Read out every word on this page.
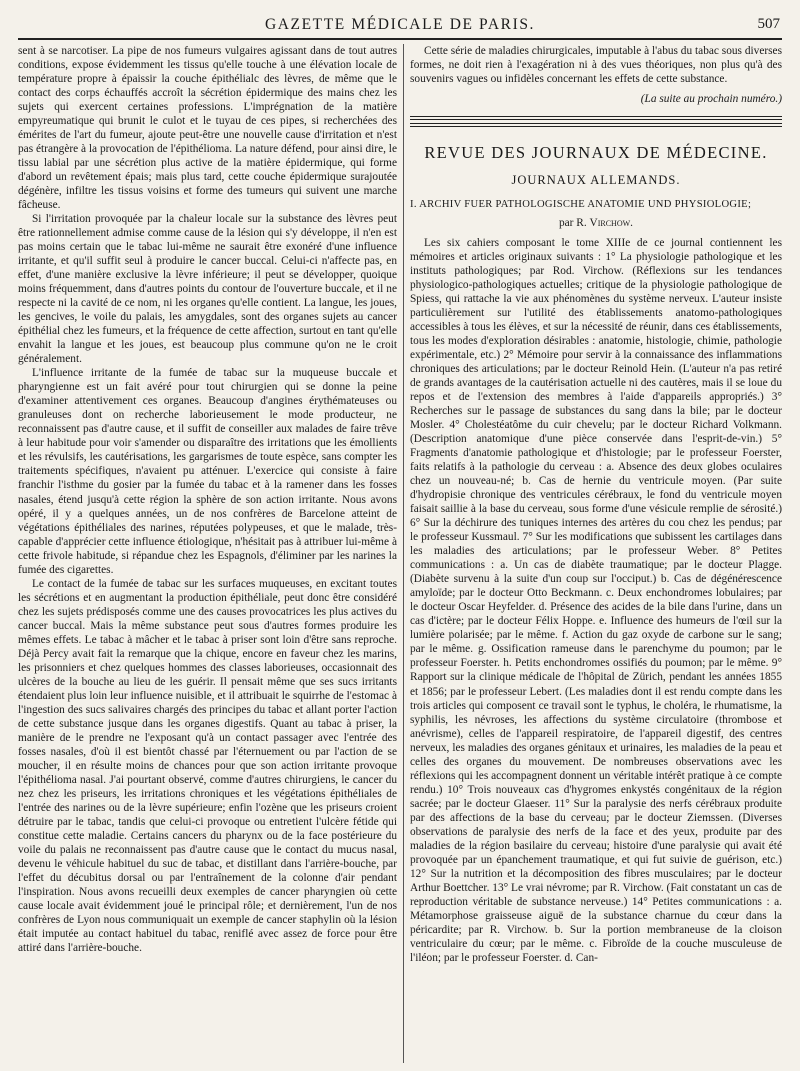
GAZETTE MÉDICALE DE PARIS.	507

sent à se narcotiser. La pipe de nos fumeurs vulgaires agissant dans de tout autres conditions, expose évidemment les tissus qu'elle touche à une élévation locale de température propre à épaissir la couche épithélialc des lèvres, de même que le contact des corps échauffés accroît la sécrétion épidermique des mains chez les sujets qui exercent certaines professions. L'imprégnation de la matière empyreumatique qui brunit le culot et le tuyau de ces pipes, si recherchées des émérites de l'art du fumeur, ajoute peut-être une nouvelle cause d'irritation et n'est pas étrangère à la provocation de l'épithélioma. La nature défend, pour ainsi dire, le tissu labial par une sécrétion plus active de la matière épidermique, qui forme d'abord un revêtement épais; mais plus tard, cette couche épidermique surajoutée dégénère, infiltre les tissus voisins et forme des tumeurs qui suivent une marche fâcheuse.

Si l'irritation provoquée par la chaleur locale sur la substance des lèvres peut être rationnellement admise comme cause de la lésion qui s'y développe, il n'en est pas moins certain que le tabac lui-même ne saurait être exonéré d'une influence irritante, et qu'il suffit seul à produire le cancer buccal. Celui-ci n'affecte pas, en effet, d'une manière exclusive la lèvre inférieure; il peut se développer, quoique moins fréquemment, dans d'autres points du contour de l'ouverture buccale, et il ne respecte ni la cavité de ce nom, ni les organes qu'elle contient. La langue, les joues, les gencives, le voile du palais, les amygdales, sont des organes sujets au cancer épithélial chez les fumeurs, et la fréquence de cette affection, surtout en tant qu'elle envahit la langue et les joues, est beaucoup plus commune qu'on ne le croit généralement.

L'influence irritante de la fumée de tabac sur la muqueuse buccale et pharyngienne est un fait avéré pour tout chirurgien qui se donne la peine d'examiner attentivement ces organes. Beaucoup d'angines érythémateuses ou granuleuses dont on recherche laborieusement le mode producteur, ne reconnaissent pas d'autre cause, et il suffit de conseiller aux malades de faire trêve à leur habitude pour voir s'amender ou disparaître des irritations que les émollients et les révulsifs, les cautérisations, les gargarismes de toute espèce, sans compter les traitements spécifiques, n'avaient pu atténuer. L'exercice qui consiste à faire franchir l'isthme du gosier par la fumée du tabac et à la ramener dans les fosses nasales, étend jusqu'à cette région la sphère de son action irritante. Nous avons opéré, il y a quelques années, un de nos confrères de Barcelone atteint de végétations épithéliales des narines, réputées polypeuses, et que le malade, très-capable d'apprécier cette influence étiologique, n'hésitait pas à attribuer lui-même à cette frivole habitude, si répandue chez les Espagnols, d'éliminer par les narines la fumée des cigarettes.

Le contact de la fumée de tabac sur les surfaces muqueuses, en excitant toutes les sécrétions et en augmentant la production épithéliale, peut donc être considéré chez les sujets prédisposés comme une des causes provocatrices les plus actives du cancer buccal. Mais la même substance peut sous d'autres formes produire les mêmes effets. Le tabac à mâcher et le tabac à priser sont loin d'être sans reproche. Déjà Percy avait fait la remarque que la chique, encore en faveur chez les marins, les prisonniers et chez quelques hommes des classes laborieuses, occasionnait des ulcères de la bouche au lieu de les guérir. Il pensait même que ses sucs irritants étendaient plus loin leur influence nuisible, et il attribuait le squirrhe de l'estomac à l'ingestion des sucs salivaires chargés des principes du tabac et allant porter l'action de cette substance jusque dans les organes digestifs. Quant au tabac à priser, la manière de le prendre ne l'exposant qu'à un contact passager avec l'entrée des fosses nasales, d'où il est bientôt chassé par l'éternuement ou par l'action de se moucher, il en résulte moins de chances pour que son action irritante provoque l'épithélioma nasal. J'ai pourtant observé, comme d'autres chirurgiens, le cancer du nez chez les priseurs, les irritations chroniques et les végétations épithéliales de l'entrée des narines ou de la lèvre supérieure; enfin l'ozène que les priseurs croient détruire par le tabac, tandis que celui-ci provoque ou entretient l'ulcère fétide qui constitue cette maladie. Certains cancers du pharynx ou de la face postérieure du voile du palais ne reconnaissent pas d'autre cause que le contact du mucus nasal, devenu le véhicule habituel du suc de tabac, et distillant dans l'arrière-bouche, par l'effet du décubitus dorsal ou par l'entraînement de la colonne d'air pendant l'inspiration. Nous avons recueilli deux exemples de cancer pharyngien où cette cause locale avait évidemment joué le principal rôle; et dernièrement, l'un de nos confrères de Lyon nous communiquait un exemple de cancer staphylin où la lésion était imputée au contact habituel du tabac, reniflé avec assez de force pour être attiré dans l'arrière-bouche.

Cette série de maladies chirurgicales, imputable à l'abus du tabac sous diverses formes, ne doit rien à l'exagération ni à des vues théoriques, non plus qu'à des souvenirs vagues ou infidèles concernant les effets de cette substance.

(La suite au prochain numéro.)
REVUE DES JOURNAUX DE MÉDECINE.
JOURNAUX ALLEMANDS.
I. ARCHIV FUER PATHOLOGISCHE ANATOMIE UND PHYSIOLOGIE;
par R. Virchow.

Les six cahiers composant le tome XIIIe de ce journal contiennent les mémoires et articles originaux suivants : 1° La physiologie pathologique et les instituts pathologiques; par Rod. Virchow. (Réflexions sur les tendances physiologico-pathologiques actuelles; critique de la physiologie pathologique de Spiess, qui rattache la vie aux phénomènes du système nerveux. L'auteur insiste particulièrement sur l'utilité des établissements anatomo-pathologiques accessibles à tous les élèves, et sur la nécessité de réunir, dans ces établissements, tous les modes d'exploration désirables : anatomie, histologie, chimie, pathologie expérimentale, etc.) 2° Mémoire pour servir à la connaissance des inflammations chroniques des articulations; par le docteur Reinold Hein. (L'auteur n'a pas retiré de grands avantages de la cautérisation actuelle ni des cautères, mais il se loue du repos et de l'extension des membres à l'aide d'appareils appropriés.) 3° Recherches sur le passage de substances du sang dans la bile; par le docteur Mosler. 4° Cholestéatôme du cuir chevelu; par le docteur Richard Volkmann. (Description anatomique d'une pièce conservée dans l'esprit-de-vin.) 5° Fragments d'anatomie pathologique et d'histologie; par le professeur Foerster, faits relatifs à la pathologie du cerveau : a. Absence des deux globes oculaires chez un nouveau-né; b. Cas de hernie du ventricule moyen. (Par suite d'hydropisie chronique des ventricules cérébraux, le fond du ventricule moyen faisait saillie à la base du cerveau, sous forme d'une vésicule remplie de sérosité.) 6° Sur la déchirure des tuniques internes des artères du cou chez les pendus; par le professeur Kussmaul. 7° Sur les modifications que subissent les cartilages dans les maladies des articulations; par le professeur Weber. 8° Petites communications : a. Un cas de diabète traumatique; par le docteur Plagge. (Diabète survenu à la suite d'un coup sur l'occiput.) b. Cas de dégénérescence amyloïde; par le docteur Otto Beckmann. c. Deux enchondromes lobulaires; par le docteur Oscar Heyfelder. d. Présence des acides de la bile dans l'urine, dans un cas d'ictère; par le docteur Félix Hoppe. e. Influence des humeurs de l'œil sur la lumière polarisée; par le même. f. Action du gaz oxyde de carbone sur le sang; par le même. g. Ossification rameuse dans le parenchyme du poumon; par le professeur Foerster. h. Petits enchondromes ossifiés du poumon; par le même. 9° Rapport sur la clinique médicale de l'hôpital de Zürich, pendant les années 1855 et 1856; par le professeur Lebert. (Les maladies dont il est rendu compte dans les trois articles qui composent ce travail sont le typhus, le choléra, le rhumatisme, la syphilis, les névroses, les affections du système circulatoire (thrombose et anévrisme), celles de l'appareil respiratoire, de l'appareil digestif, des centres nerveux, les maladies des organes génitaux et urinaires, les maladies de la peau et celles des organes du mouvement. De nombreuses observations avec les réflexions qui les accompagnent donnent un véritable intérêt pratique à ce compte rendu.) 10° Trois nouveaux cas d'hygromes enkystés congénitaux de la région sacrée; par le docteur Glaeser. 11° Sur la paralysie des nerfs cérébraux produite par des affections de la base du cerveau; par le docteur Ziemssen. (Diverses observations de paralysie des nerfs de la face et des yeux, produite par des maladies de la région basilaire du cerveau; histoire d'une paralysie qui avait été provoquée par un épanchement traumatique, et qui fut suivie de guérison, etc.) 12° Sur la nutrition et la décomposition des fibres musculaires; par le docteur Arthur Boettcher. 13° Le vrai névrome; par R. Virchow. (Fait constatant un cas de reproduction véritable de substance nerveuse.) 14° Petites communications : a. Métamorphose graisseuse aiguë de la substance charnue du cœur dans la péricardite; par R. Virchow. b. Sur la portion membraneuse de la cloison ventriculaire du cœur; par le même. c. Fibroïde de la couche musculeuse de l'iléon; par le professeur Foerster. d. Can-
